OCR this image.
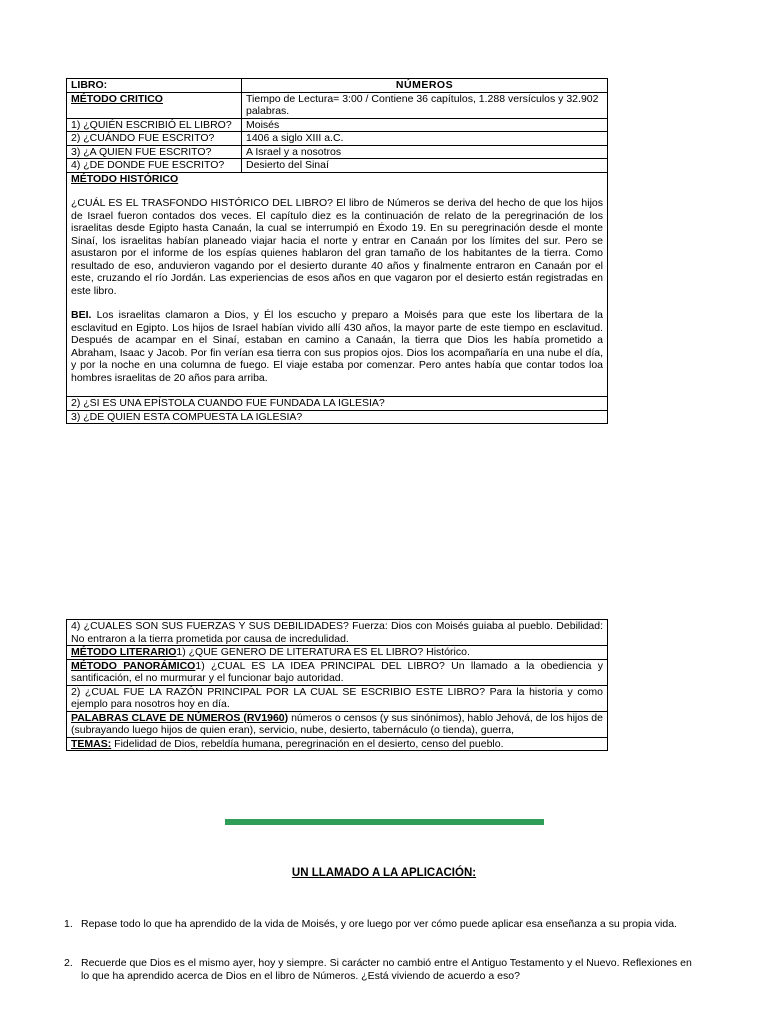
LIBRO:	NÚMEROS
MÉTODO CRITICO	Tiempo de Lectura= 3:00 / Contiene 36 capítulos, 1.288 versículos y 32.902 palabras.
1) ¿QUIÉN ESCRIBIÓ EL LIBRO?	Moisés
2) ¿CUÁNDO FUE ESCRITO?	1406 a siglo XIII a.C.
3) ¿A QUIEN FUE ESCRITO?	A Israel y a nosotros
4) ¿DE DONDE FUE ESCRITO?	Desierto del Sinaí

MÉTODO HISTÓRICO

¿CUÁL ES EL TRASFONDO HISTÓRICO DEL LIBRO? El libro de Números se deriva del hecho de que los hijos de Israel fueron contados dos veces. El capítulo diez es la continuación de relato de la peregrinación de los israelitas desde Egipto hasta Canaán, la cual se interrumpió en Éxodo 19. En su peregrinación desde el monte Sinaí, los israelitas habían planeado viajar hacia el norte y entrar en Canaán por los límites del sur. Pero se asustaron por el informe de los espías quienes hablaron del gran tamaño de los habitantes de la tierra. Como resultado de eso, anduvieron vagando por el desierto durante 40 años y finalmente entraron en Canaán por el este, cruzando el río Jordán. Las experiencias de esos años en que vagaron por el desierto están registradas en este libro.

BEI. Los israelitas clamaron a Dios, y Él los escucho y preparo a Moisés para que este los libertara de la esclavitud en Egipto. Los hijos de Israel habían vivido allí 430 años, la mayor parte de este tiempo en esclavitud. Después de acampar en el Sinaí, estaban en camino a Canaán, la tierra que Dios les había prometido a Abraham, Isaac y Jacob. Por fin verían esa tierra con sus propios ojos. Dios los acompañaría en una nube el día, y por la noche en una columna de fuego. El viaje estaba por comenzar. Pero antes había que contar todos loa hombres israelitas de 20 años para arriba.	

2) ¿SI ES UNA EPÍSTOLA CUANDO FUE FUNDADA LA IGLESIA?	
3) ¿DE QUIEN ESTA COMPUESTA LA IGLESIA?	
4) ¿CUALES SON SUS FUERZAS Y SUS DEBILIDADES? Fuerza: Dios con Moisés guiaba al pueblo. Debilidad: No entraron a la tierra prometida por causa de incredulidad.
MÉTODO LITERARIO1) ¿QUE GENERO DE LITERATURA ES EL LIBRO? Histórico.
MÉTODO PANORÁMICO1) ¿CUAL ES LA IDEA PRINCIPAL DEL LIBRO? Un llamado a la obediencia y santificación, el no murmurar y el funcionar bajo autoridad.
2) ¿CUAL FUE LA RAZÓN PRINCIPAL POR LA CUAL SE ESCRIBIO ESTE LIBRO? Para la historia y como ejemplo para nosotros hoy en día.
PALABRAS CLAVE DE NÚMEROS (RV1960) números o censos (y sus sinónimos), hablo Jehová, de los hijos de (subrayando luego hijos de quien eran), servicio, nube, desierto, tabernáculo (o tienda), guerra,
TEMAS: Fidelidad de Dios, rebeldía humana, peregrinación en el desierto, censo del pueblo.
UN LLAMADO A LA APLICACIÓN:
1. Repase todo lo que ha aprendido de la vida de Moisés, y ore luego por ver cómo puede aplicar esa enseñanza a su propia vida.
2. Recuerde que Dios es el mismo ayer, hoy y siempre. Si carácter no cambió entre el Antiguo Testamento y el Nuevo. Reflexiones en lo que ha aprendido acerca de Dios en el libro de Números. ¿Está viviendo de acuerdo a eso?
